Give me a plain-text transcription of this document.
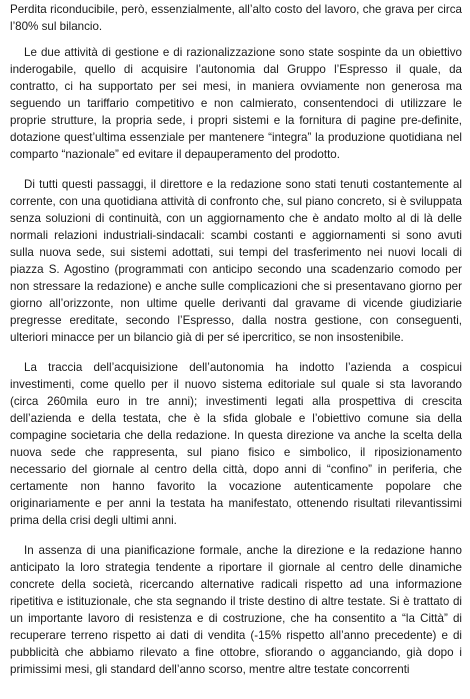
Perdita riconducibile, però, essenzialmente, all’alto costo del lavoro, che grava per circa l’80% sul bilancio.

Le due attività di gestione e di razionalizzazione sono state sospinte da un obiettivo inderogabile, quello di acquisire l’autonomia dal Gruppo l’Espresso il quale, da contratto, ci ha supportato per sei mesi, in maniera ovviamente non generosa ma seguendo un tariffario competitivo e non calmierato, consentendoci di utilizzare le proprie strutture, la propria sede, i propri sistemi e la fornitura di pagine pre-definite, dotazione quest’ultima essenziale per mantenere “integra” la produzione quotidiana nel comparto “nazionale” ed evitare il depauperamento del prodotto.

Di tutti questi passaggi, il direttore e la redazione sono stati tenuti costantemente al corrente, con una quotidiana attività di confronto che, sul piano concreto, si è sviluppata senza soluzioni di continuità, con un aggiornamento che è andato molto al di là delle normali relazioni industriali-sindacali: scambi costanti e aggiornamenti si sono avuti sulla nuova sede, sui sistemi adottati, sui tempi del trasferimento nei nuovi locali di piazza S. Agostino (programmati con anticipo secondo una scadenzario comodo per non stressare la redazione) e anche sulle complicazioni che si presentavano giorno per giorno all’orizzonte, non ultime quelle derivanti dal gravame di vicende giudiziarie pregresse ereditate, secondo l’Espresso, dalla nostra gestione, con conseguenti, ulteriori minacce per un bilancio già di per sé ipercritico, se non insostenibile.

La traccia dell’acquisizione dell’autonomia ha indotto l’azienda a cospicui investimenti, come quello per il nuovo sistema editoriale sul quale si sta lavorando (circa 260mila euro in tre anni); investimenti legati alla prospettiva di crescita dell’azienda e della testata, che è la sfida globale e l’obiettivo comune sia della compagine societaria che della redazione. In questa direzione va anche la scelta della nuova sede che rappresenta, sul piano fisico e simbolico, il riposizionamento necessario del giornale al centro della città, dopo anni di “confino” in periferia, che certamente non hanno favorito la vocazione autenticamente popolare che originariamente e per anni la testata ha manifestato, ottenendo risultati rilevantissimi prima della crisi degli ultimi anni.

In assenza di una pianificazione formale, anche la direzione e la redazione hanno anticipato la loro strategia tendente a riportare il giornale al centro delle dinamiche concrete della società, ricercando alternative radicali rispetto ad una informazione ripetitiva e istituzionale, che sta segnando il triste destino di altre testate. Si è trattato di un importante lavoro di resistenza e di costruzione, che ha consentito a “la Città” di recuperare terreno rispetto ai dati di vendita (-15% rispetto all’anno precedente) e di pubblicità che abbiamo rilevato a fine ottobre, sfiorando o agganciando, già dopo i primissimi mesi, gli standard dell’anno scorso, mentre altre testate concorrenti
